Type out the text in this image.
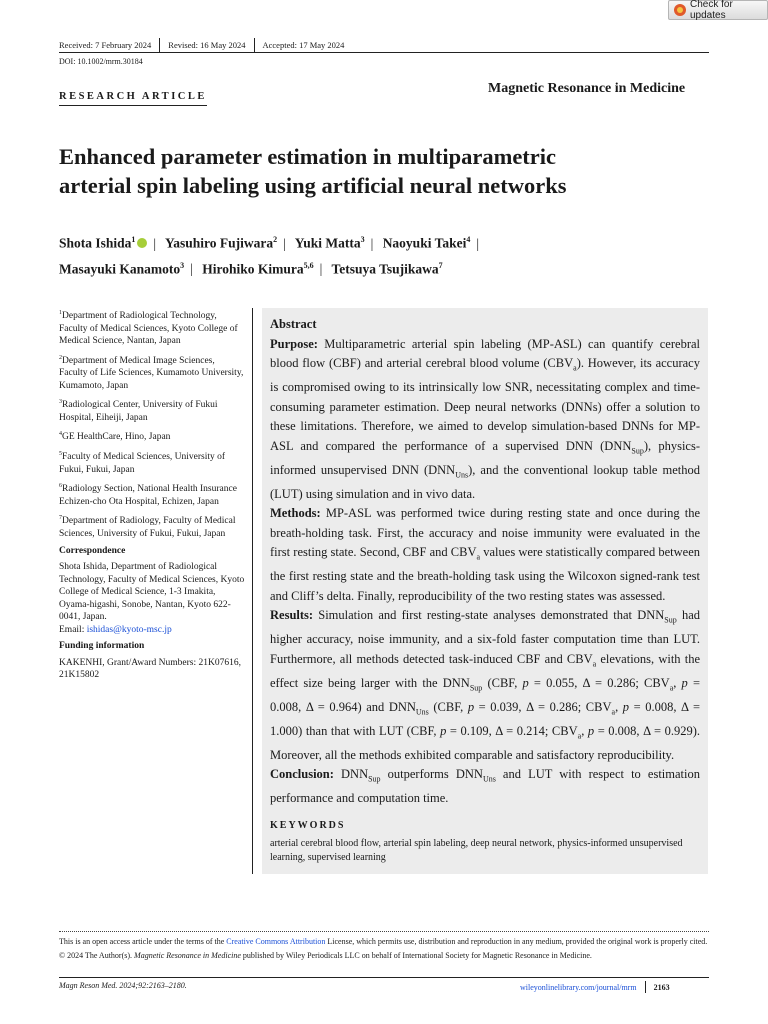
Check for updates
Received: 7 February 2024 Revised: 16 May 2024 Accepted: 17 May 2024
DOI: 10.1002/mrm.30184
Magnetic Resonance in Medicine
RESEARCH ARTICLE
Enhanced parameter estimation in multiparametric
arterial spin labeling using artificial neural networks
Shota Ishida$^1$ | Yasuhiro Fujiwara$^2$ | Yuki Matta$^3$ | Naoyuki Takei$^4$ |
Masayuki Kanamoto$^3$ | Hirohiko Kimura$^{5,6}$ | Tetsuya Tsujikawa$^7$

$^1$Department of Radiological Technology, Faculty of Medical Sciences, Kyoto College of Medical Science, Nantan, Japan

$^2$Department of Medical Image Sciences, Faculty of Life Sciences, Kumamoto University, Kumamoto, Japan

$^3$Radiological Center, University of Fukui Hospital, Eiheiji, Japan

$^4$GE HealthCare, Hino, Japan

$^5$Faculty of Medical Sciences, University of Fukui, Fukui, Japan

$^6$Radiology Section, National Health Insurance Echizen-cho Ota Hospital, Echizen, Japan

$^7$Department of Radiology, Faculty of Medical Sciences, University of Fukui, Fukui, Japan

Correspondence

Shota Ishida, Department of Radiological Technology, Faculty of Medical Sciences, Kyoto College of Medical Science, 1-3 Imakita, Oyama-higashi, Sonobe, Nantan, Kyoto 622-0041, Japan.
Email: ishidas@kyoto-msc.jp

Funding information

KAKENHI, Grant/Award Numbers: 21K07616, 21K15802

Abstract

Purpose: Multiparametric arterial spin labeling (MP-ASL) can quantify cerebral blood flow (CBF) and arterial cerebral blood volume $(CBV_a)$. However, its accuracy is compromised owing to its intrinsically low SNR, necessitating complex and time-consuming parameter estimation. Deep neural networks (DNNs) offer a solution to these limitations. Therefore, we aimed to develop simulation-based DNNs for MP-ASL and compared the performance of a supervised DNN $(DNN_{Sup})$, physics-informed unsupervised DNN $(DNN_{Uns})$, and the conventional lookup table method (LUT) using simulation and in vivo data.

Methods: MP-ASL was performed twice during resting state and once during the breath-holding task. First, the accuracy and noise immunity were evaluated in the first resting state. Second, CBF and $CBV_a$ values were statistically compared between the first resting state and the breath-holding task using the Wilcoxon signed-rank test and Cliff’s delta. Finally, reproducibility of the two resting states was assessed.

Results: Simulation and first resting-state analyses demonstrated that $DNN_{Sup}$ had higher accuracy, noise immunity, and a six-fold faster computation time than LUT. Furthermore, all methods detected task-induced CBF and $CBV_a$ elevations, with the effect size being larger with the $DNN_{Sup}$ (CBF, p = 0.055, Δ = 0.286; $CBV_a$, p = 0.008, Δ = 0.964) and $DNN_{Uns}$ (CBF, p = 0.039, Δ = 0.286; $CBV_a$, p = 0.008, Δ = 1.000) than that with LUT (CBF, p = 0.109, Δ = 0.214; $CBV_a$, p = 0.008, Δ = 0.929). Moreover, all the methods exhibited comparable and satisfactory reproducibility.

Conclusion: $DNN_{Sup}$ outperforms $DNN_{Uns}$ and LUT with respect to estimation performance and computation time.

KEYWORDS
arterial cerebral blood flow, arterial spin labeling, deep neural network, physics-informed unsupervised learning, supervised learning

This is an open access article under the terms of the Creative Commons Attribution License, which permits use, distribution and reproduction in any medium, provided the original work is properly cited.

© 2024 The Author(s). Magnetic Resonance in Medicine published by Wiley Periodicals LLC on behalf of International Society for Magnetic Resonance in Medicine.

Magn Reson Med. 2024;92:2163–2180.	wileyonlinelibrary.com/journal/mrm 2163
